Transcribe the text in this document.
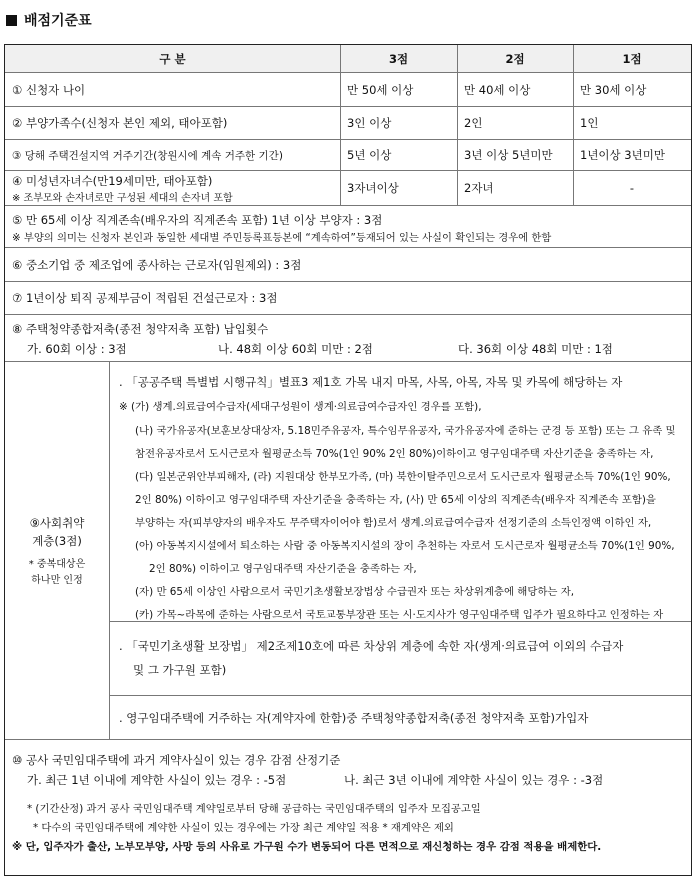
배점기준표
구 분	3점	2점	1점
① 신청자 나이	만 50세 이상	만 40세 이상	만 30세 이상
② 부양가족수(신청자 본인 제외, 태아포함)	3인 이상	2인	1인
③ 당해 주택건설지역 거주기간(창원시에 계속 거주한 기간)	5년 이상	3년 이상 5년미만	1년이상 3년미만
④ 미성년자녀수(만19세미만, 태아포함)
※ 조부모와 손자녀로만 구성된 세대의 손자녀 포함
3자녀이상	2자녀	-
⑤ 만 65세 이상 직계존속(배우자의 직계존속 포함) 1년 이상 부양자 : 3점
※ 부양의 의미는 신청자 본인과 동일한 세대별 주민등록표등본에 “계속하여”등재되어 있는 사실이 확인되는 경우에 한함
⑥ 중소기업 중 제조업에 종사하는 근로자(임원제외) : 3점
⑦ 1년이상 퇴직 공제부금이 적립된 건설근로자 : 3점
⑧ 주택청약종합저축(종전 청약저축 포함) 납입횟수
가. 60회 이상 : 3점	나. 48회 이상 60회 미만 : 2점	다. 36회 이상 48회 미만 : 1점
⑨사회취약
계층(3점)
* 중복대상은
하나만 인정
. 「공공주택 특별법 시행규칙」별표3 제1호 가목 내지 마목, 사목, 아목, 자목 및 카목에 해당하는 자
※ (가) 생계.의료급여수급자(세대구성원이 생계·의료급여수급자인 경우를 포함),
(나) 국가유공자(보훈보상대상자, 5.18민주유공자, 특수임무유공자, 국가유공자에 준하는 군경 등 포함) 또는 그 유족 및
참전유공자로서 도시근로자 월평균소득 70%(1인 90% 2인 80%)이하이고 영구임대주택 자산기준을 충족하는 자,
(다) 일본군위안부피해자, (라) 지원대상 한부모가족, (마) 북한이탈주민으로서 도시근로자 월평균소득 70%(1인 90%,
2인 80%) 이하이고 영구임대주택 자산기준을 충족하는 자, (사) 만 65세 이상의 직계존속(배우자 직계존속 포함)을
부양하는 자(피부양자의 배우자도 무주택자이어야 함)로서 생계.의료급여수급자 선정기준의 소득인정액 이하인 자,
(아) 아동복지시설에서 퇴소하는 사람 중 아동복지시설의 장이 추천하는 자로서 도시근로자 월평균소득 70%(1인 90%,
2인 80%) 이하이고 영구임대주택 자산기준을 충족하는 자,
(자) 만 65세 이상인 사람으로서 국민기초생활보장법상 수급권자 또는 차상위계층에 해당하는 자,
(카) 가목~라목에 준하는 사람으로서 국토교통부장관 또는 시·도지사가 영구임대주택 입주가 필요하다고 인정하는 자
. 「국민기초생활 보장법」 제2조제10호에 따른 차상위 계층에 속한 자(생계·의료급여 이외의 수급자
및 그 가구원 포함)
. 영구임대주택에 거주하는 자(계약자에 한함)중 주택청약종합저축(종전 청약저축 포함)가입자
⑩ 공사 국민임대주택에 과거 계약사실이 있는 경우 감점 산정기준
가. 최근 1년 이내에 계약한 사실이 있는 경우 : -5점	나. 최근 3년 이내에 계약한 사실이 있는 경우 : -3점
* (기간산정) 과거 공사 국민임대주택 계약일로부터 당해 공급하는 국민임대주택의 입주자 모집공고일
* 다수의 국민임대주택에 계약한 사실이 있는 경우에는 가장 최근 계약일 적용 * 재계약은 제외
※ 단, 입주자가 출산, 노부모부양, 사망 등의 사유로 가구원 수가 변동되어 다른 면적으로 재신청하는 경우 감점 적용을 배제한다.
